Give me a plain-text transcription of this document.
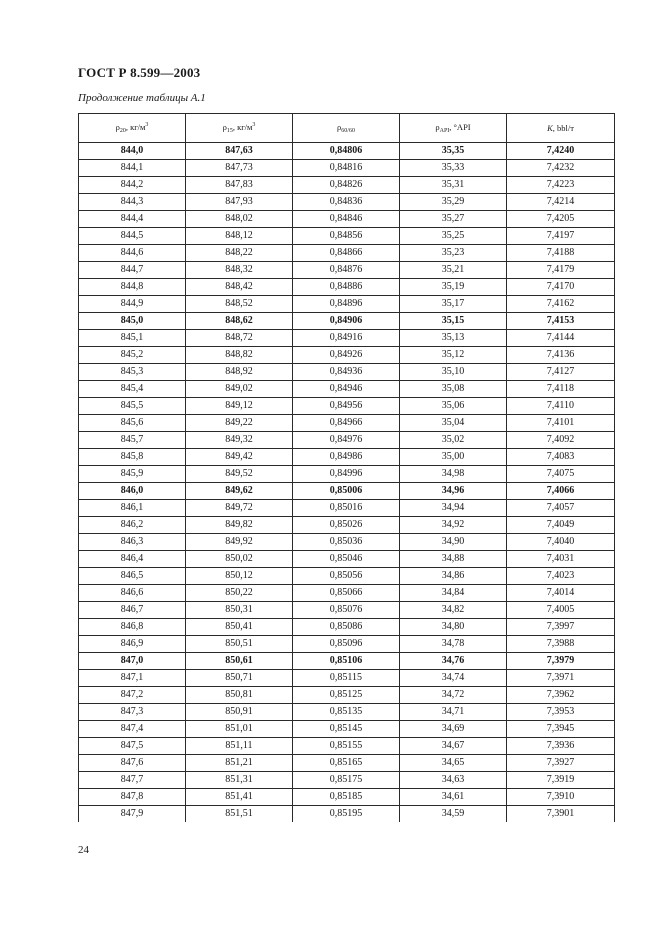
ГОСТ Р 8.599—2003
Продолжение таблицы А.1
$\rho_{20}$, $кг/м^3$	$\rho_{15}$, $кг/м^3$	$\rho_{60/60}$	$\rho_{API}$, °API	K, bbl/т
844,0	847,63	0,84806	35,35	7,4240
844,1	847,73	0,84816	35,33	7,4232
844,2	847,83	0,84826	35,31	7,4223
844,3	847,93	0,84836	35,29	7,4214
844,4	848,02	0,84846	35,27	7,4205
844,5	848,12	0,84856	35,25	7,4197
844,6	848,22	0,84866	35,23	7,4188
844,7	848,32	0,84876	35,21	7,4179
844,8	848,42	0,84886	35,19	7,4170
844,9	848,52	0,84896	35,17	7,4162
845,0	848,62	0,84906	35,15	7,4153
845,1	848,72	0,84916	35,13	7,4144
845,2	848,82	0,84926	35,12	7,4136
845,3	848,92	0,84936	35,10	7,4127
845,4	849,02	0,84946	35,08	7,4118
845,5	849,12	0,84956	35,06	7,4110
845,6	849,22	0,84966	35,04	7,4101
845,7	849,32	0,84976	35,02	7,4092
845,8	849,42	0,84986	35,00	7,4083
845,9	849,52	0,84996	34,98	7,4075
846,0	849,62	0,85006	34,96	7,4066
846,1	849,72	0,85016	34,94	7,4057
846,2	849,82	0,85026	34,92	7,4049
846,3	849,92	0,85036	34,90	7,4040
846,4	850,02	0,85046	34,88	7,4031
846,5	850,12	0,85056	34,86	7,4023
846,6	850,22	0,85066	34,84	7,4014
846,7	850,31	0,85076	34,82	7,4005
846,8	850,41	0,85086	34,80	7,3997
846,9	850,51	0,85096	34,78	7,3988
847,0	850,61	0,85106	34,76	7,3979
847,1	850,71	0,85115	34,74	7,3971
847,2	850,81	0,85125	34,72	7,3962
847,3	850,91	0,85135	34,71	7,3953
847,4	851,01	0,85145	34,69	7,3945
847,5	851,11	0,85155	34,67	7,3936
847,6	851,21	0,85165	34,65	7,3927
847,7	851,31	0,85175	34,63	7,3919
847,8	851,41	0,85185	34,61	7,3910
847,9	851,51	0,85195	34,59	7,3901
24
